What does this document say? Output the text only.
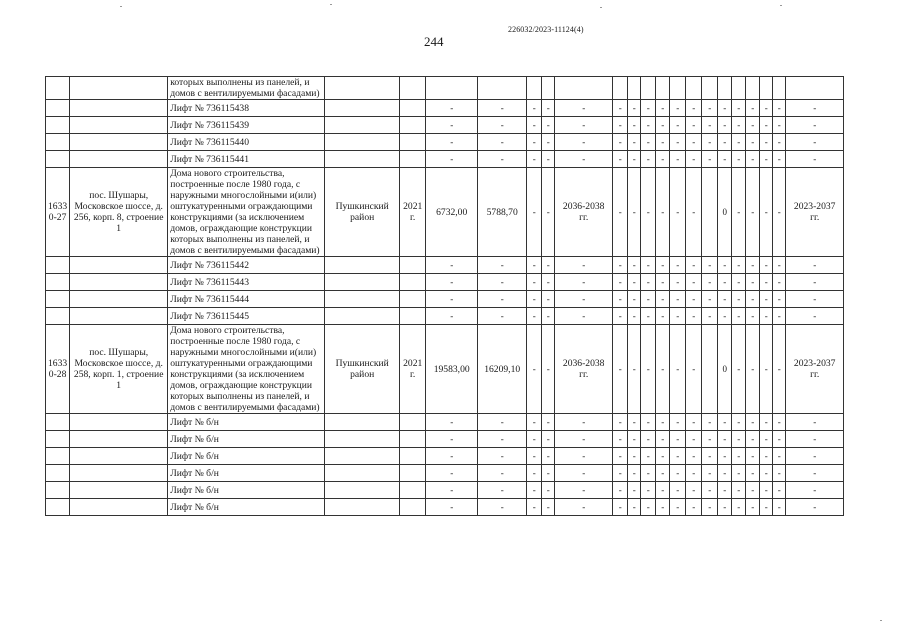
226032/2023-11124(4)
244
		которых выполнены из панелей, и домов с вентилируемыми фасадами)																				
		Лифт № 736115438			-	-	-	-	-	-	-	-	-	-	-	-	-	-	-	-	-	-
		Лифт № 736115439			-	-	-	-	-	-	-	-	-	-	-	-	-	-	-	-	-	-
		Лифт № 736115440			-	-	-	-	-	-	-	-	-	-	-	-	-	-	-	-	-	-
		Лифт № 736115441			-	-	-	-	-	-	-	-	-	-	-	-	-	-	-	-	-	-
1633 0-27	пос. Шушары, Московское шоссе, д. 256, корп. 8, строение 1	Дома нового строительства, построенные после 1980 года, с наружными многослойными и(или) оштукатуренными ограждающими конструкциями (за исключением домов, ограждающие конструкции которых выполнены из панелей, и домов с вентилируемыми фасадами)	Пушкинский район	2021 г.	6732,00	5788,70	-	-	2036-2038 гг.	-	-	-	-	-	-		0	-	-	-	-	2023-2037 гг.
		Лифт № 736115442			-	-	-	-	-	-	-	-	-	-	-	-	-	-	-	-	-	-
		Лифт № 736115443			-	-	-	-	-	-	-	-	-	-	-	-	-	-	-	-	-	-
		Лифт № 736115444			-	-	-	-	-	-	-	-	-	-	-	-	-	-	-	-	-	-
		Лифт № 736115445			-	-	-	-	-	-	-	-	-	-	-	-	-	-	-	-	-	-
1633 0-28	пос. Шушары, Московское шоссе, д. 258, корп. 1, строение 1	Дома нового строительства, построенные после 1980 года, с наружными многослойными и(или) оштукатуренными ограждающими конструкциями (за исключением домов, ограждающие конструкции которых выполнены из панелей, и домов с вентилируемыми фасадами)	Пушкинский район	2021 г.	19583,00	16209,10	-	-	2036-2038 гг.	-	-	-	-	-	-		0	-	-	-	-	2023-2037 гг.
		Лифт № б/н			-	-	-	-	-	-	-	-	-	-	-	-	-	-	-	-	-	-
		Лифт № б/н			-	-	-	-	-	-	-	-	-	-	-	-	-	-	-	-	-	-
		Лифт № б/н			-	-	-	-	-	-	-	-	-	-	-	-	-	-	-	-	-	-
		Лифт № б/н			-	-	-	-	-	-	-	-	-	-	-	-	-	-	-	-	-	-
		Лифт № б/н			-	-	-	-	-	-	-	-	-	-	-	-	-	-	-	-	-	-
		Лифт № б/н			-	-	-	-	-	-	-	-	-	-	-	-	-	-	-	-	-	-
